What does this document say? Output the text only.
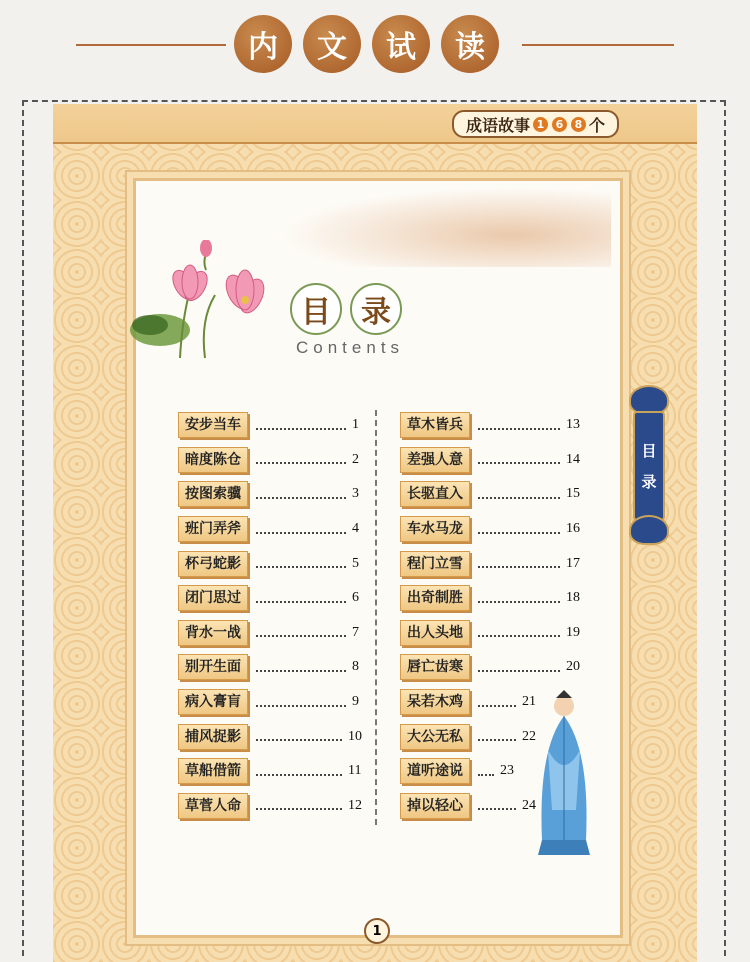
内	文	试	读
成语故事 1	6	8 个
1
目	录
Contents
安步当车	1
暗度陈仓	2
按图索骥	3
班门弄斧	4
杯弓蛇影	5
闭门思过	6
背水一战	7
别开生面	8
病入膏肓	9
捕风捉影	10
草船借箭	11
草菅人命	12
草木皆兵	13
差强人意	14
长驱直入	15
车水马龙	16
程门立雪	17
出奇制胜	18
出人头地	19
唇亡齿寒	20
呆若木鸡	21
大公无私	22
道听途说	23
掉以轻心	24
目
录
